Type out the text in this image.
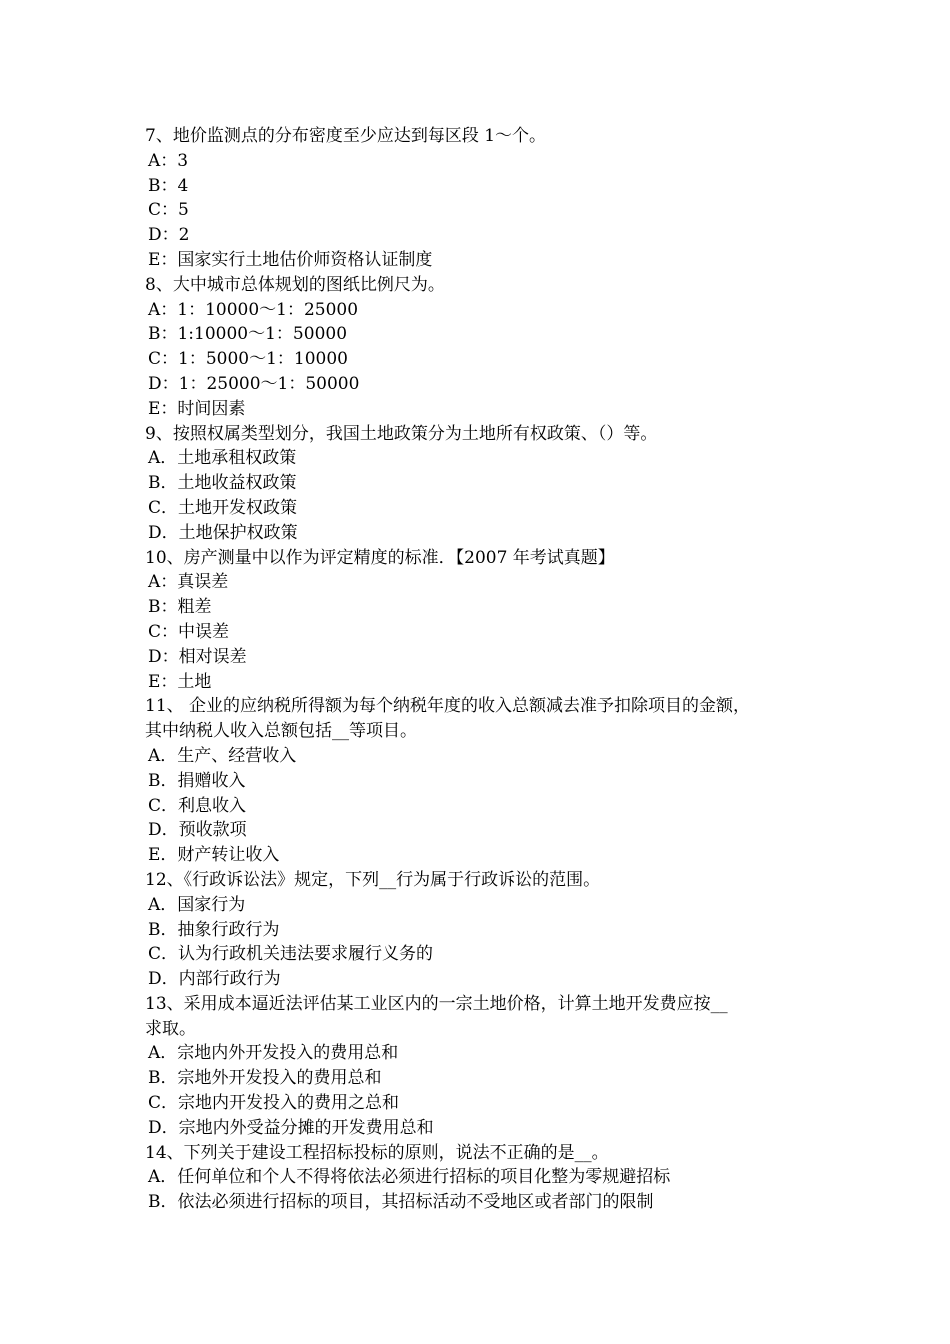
7、地价监测点的分布密度至少应达到每区段 1～个。
A：3
B：4
C：5
D：2
E：国家实行土地估价师资格认证制度
8、大中城市总体规划的图纸比例尺为。
A：1：10000～1：25000
B：1:10000～1：50000
C：1：5000～1：10000
D：1：25000～1：50000
E：时间因素
9、按照权属类型划分，我国土地政策分为土地所有权政策、（）等。
A．土地承租权政策
B．土地收益权政策
C．土地开发权政策
D．土地保护权政策
10、房产测量中以作为评定精度的标准．【2007 年考试真题】
A：真误差
B：粗差
C：中误差
D：相对误差
E：土地
11、 企业的应纳税所得额为每个纳税年度的收入总额减去准予扣除项目的金额，
其中纳税人收入总额包括__等项目。
A．生产、经营收入
B．捐赠收入
C．利息收入
D．预收款项
E．财产转让收入
12、《行政诉讼法》规定，下列__行为属于行政诉讼的范围。
A．国家行为
B．抽象行政行为
C．认为行政机关违法要求履行义务的
D．内部行政行为
13、采用成本逼近法评估某工业区内的一宗土地价格，计算土地开发费应按__
求取。
A．宗地内外开发投入的费用总和
B．宗地外开发投入的费用总和
C．宗地内开发投入的费用之总和
D．宗地内外受益分摊的开发费用总和
14、下列关于建设工程招标投标的原则，说法不正确的是__。
A．任何单位和个人不得将依法必须进行招标的项目化整为零规避招标
B．依法必须进行招标的项目，其招标活动不受地区或者部门的限制
